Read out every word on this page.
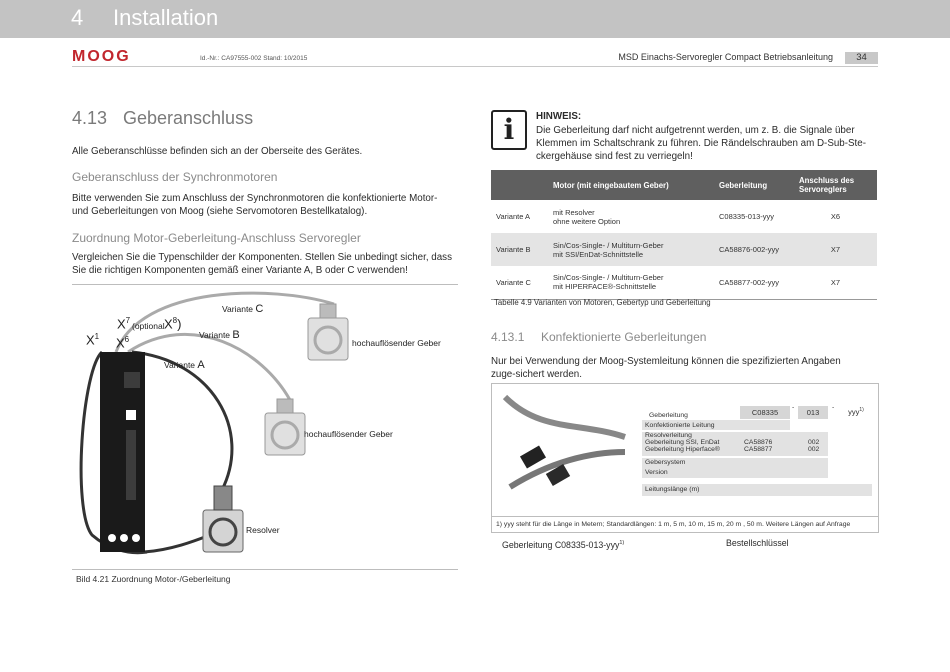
4 Installation
MOOG	Id.-Nr.: CA97555-002 Stand: 10/2015	MSD Einachs-Servoregler Compact Betriebsanleitung	34
4.13 Geberanschluss
Alle Geberanschlüsse befinden sich an der Oberseite des Gerätes.
Geberanschluss der Synchronmotoren
Bitte verwenden Sie zum Anschluss der Synchronmotoren die konfektionierte Motor-
und Geberleitungen von Moog (siehe Servomotoren Bestellkatalog).
Zuordnung Motor-Geberleitung-Anschluss Servoregler
Vergleichen Sie die Typenschilder der Komponenten. Stellen Sie unbedingt sicher, dass
Sie die richtigen Komponenten gemäß einer Variante A, B oder C verwenden!
$X^1$
$X^7$
(optional $X^8$)
$X^6$
Variante C
Variante B
Variante A
hochauflösender Geber
hochauflösender Geber
Resolver
Bild 4.21 Zuordnung Motor-/Geberleitung
i	HINWEIS:
Die Geberleitung darf nicht aufgetrennt werden, um z. B. die Signale über
Klemmen im Schaltschrank zu führen. Die Rändelschrauben am D-Sub-Ste-
ckergehäuse sind fest zu verriegeln!
	Motor (mit eingebautem Geber)	Geberleitung	Anschluss des Servoreglers
Variante A	mit Resolver
ohne weitere Option	C08335-013-yyy	X6
Variante B	Sin/Cos-Single- / Multiturn-Geber
mit SSI/EnDat-Schnittstelle	CA58876-002-yyy	X7
Variante C	Sin/Cos-Single- / Multiturn-Geber
mit HIPERFACE®-Schnittstelle	CA58877-002-yyy	X7
Tabelle 4.9 Varianten von Motoren, Gebertyp und Geberleitung
4.13.1 Konfektionierte Geberleitungen
Nur bei Verwendung der Moog-Systemleitung können die spezifizierten Angaben
zuge-sichert werden.
C08335
-
013
-	yyy$^{1)}$
Geberleitung
Konfektionierte Leitung
Resolverleitung
Geberleitung SSI, EnDat
Geberleitung Hiperface®
CA58876
CA58877
002
002
Gebersystem
Version
Leitungslänge (m)
1) yyy steht für die Länge in Metern; Standardlängen: 1 m, 5 m, 10 m, 15 m, 20 m , 50 m. Weitere Längen auf Anfrage
Geberleitung C08335-013-yyy$^{1)}$	Bestellschlüssel
